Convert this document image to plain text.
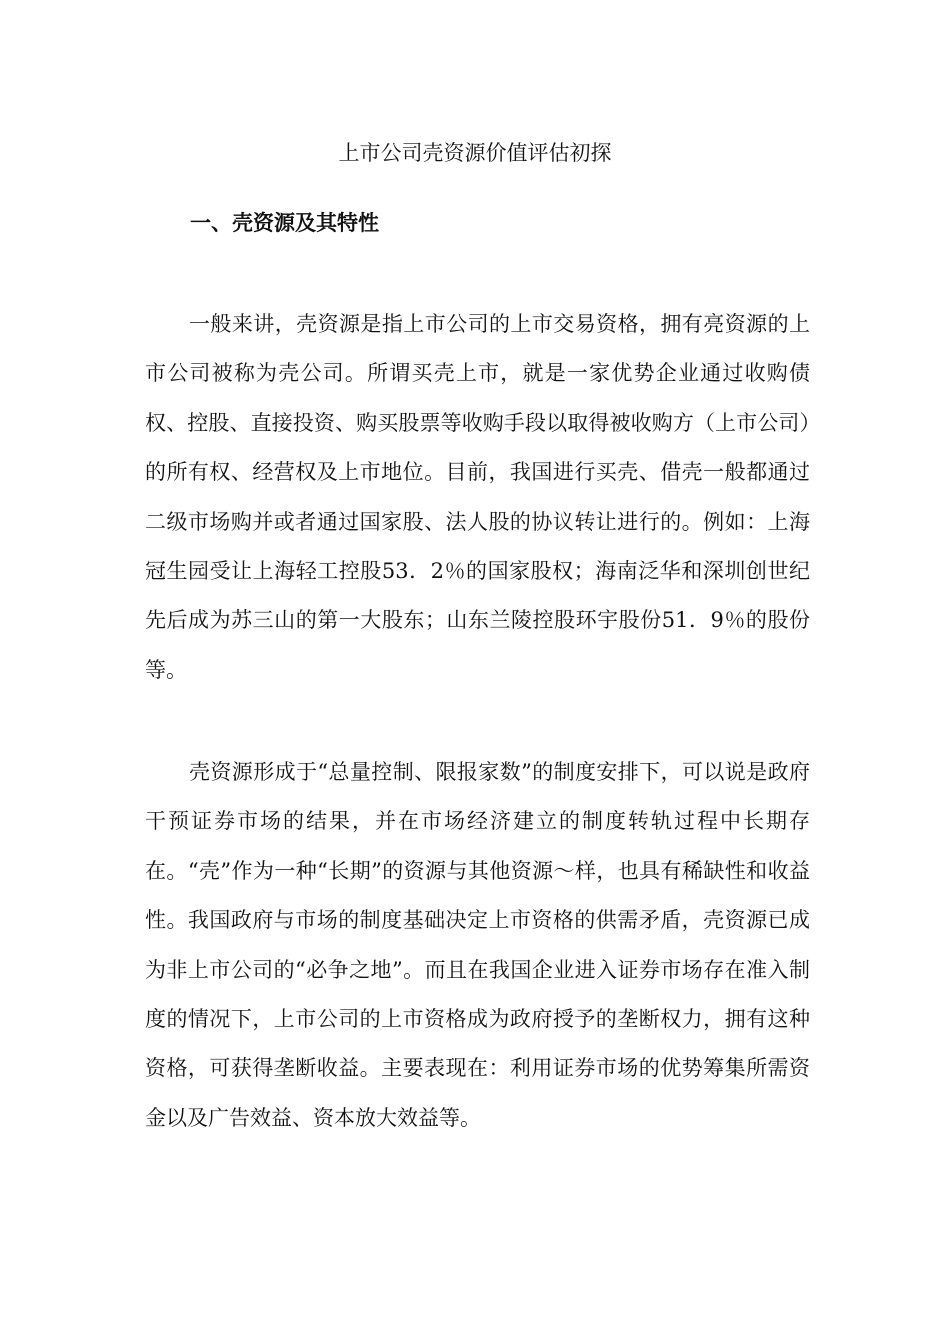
上市公司壳资源价值评估初探
一、壳资源及其特性

一般来讲，壳资源是指上市公司的上市交易资格，拥有亮资源的上市公司被称为壳公司。所谓买壳上市，就是一家优势企业通过收购债权、控股、直接投资、购买股票等收购手段以取得被收购方（上市公司）的所有权、经营权及上市地位。目前，我国进行买壳、借壳一般都通过二级市场购并或者通过国家股、法人股的协议转让进行的。例如：上海冠生园受让上海轻工控股53．2％的国家股权；海南泛华和深圳创世纪先后成为苏三山的第一大股东；山东兰陵控股环宇股份51．9％的股份等。

壳资源形成于“总量控制、限报家数”的制度安排下，可以说是政府干预证券市场的结果，并在市场经济建立的制度转轨过程中长期存在。“壳”作为一种“长期”的资源与其他资源～样，也具有稀缺性和收益性。我国政府与市场的制度基础决定上市资格的供需矛盾，壳资源已成为非上市公司的“必争之地”。而且在我国企业进入证券市场存在准入制度的情况下，上市公司的上市资格成为政府授予的垄断权力，拥有这种资格，可获得垄断收益。主要表现在：利用证券市场的优势筹集所需资金以及广告效益、资本放大效益等。
